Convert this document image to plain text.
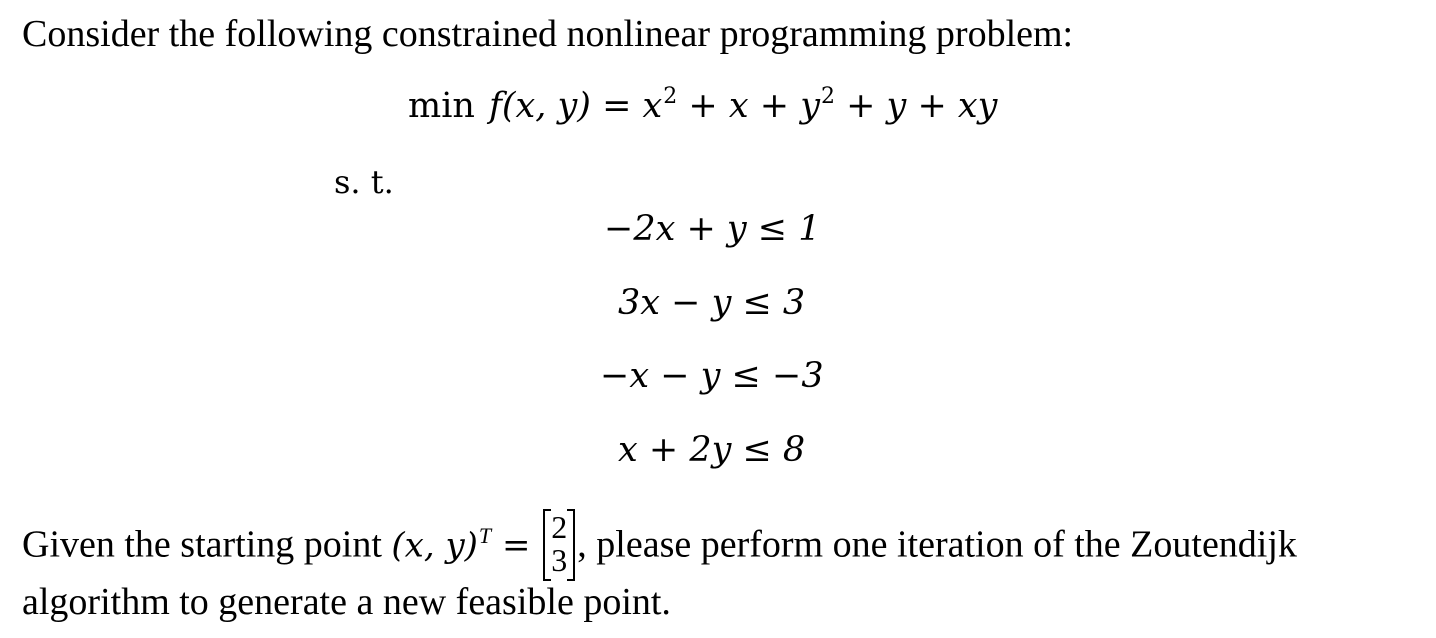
Consider the following constrained nonlinear programming problem:
min f(x, $y) = x^2 + x + y^2 + y$ + xy
s. t.
−2x + y ≤ 1
3x − y ≤ 3
−x − y ≤ −3
x + 2y ≤ 8
Given the starting point (x, y)$^T$ = 2
3 , please perform one iteration of the Zoutendijk
algorithm to generate a new feasible point.
